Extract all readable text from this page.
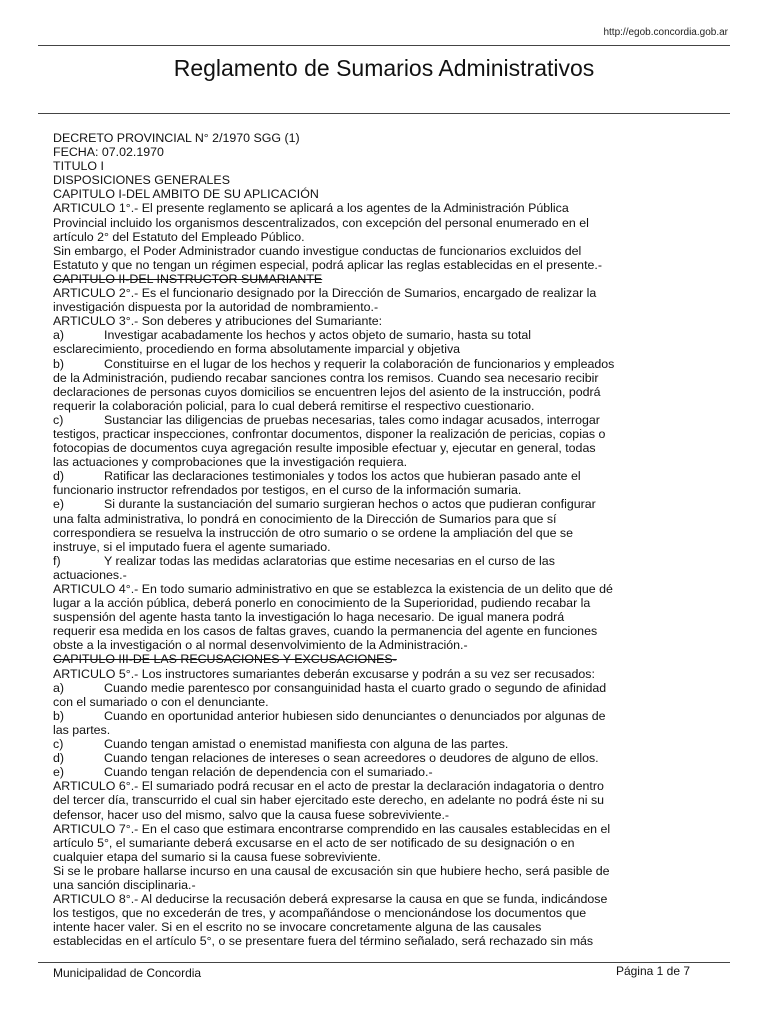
http://egob.concordia.gob.ar
Reglamento de Sumarios Administrativos
DECRETO PROVINCIAL N° 2/1970 SGG (1)
FECHA: 07.02.1970
TITULO I
DISPOSICIONES GENERALES
CAPITULO I-DEL AMBITO DE SU APLICACIÓN
ARTICULO 1°.- El presente reglamento se aplicará a los agentes de la Administración Pública
Provincial incluido los organismos descentralizados, con excepción del personal enumerado en el
artículo 2° del Estatuto del Empleado Público.
Sin embargo, el Poder Administrador cuando investigue conductas de funcionarios excluidos del
Estatuto y que no tengan un régimen especial, podrá aplicar las reglas establecidas en el presente.-
CAPITULO II-DEL INSTRUCTOR SUMARIANTE
ARTICULO 2°.- Es el funcionario designado por la Dirección de Sumarios, encargado de realizar la
investigación dispuesta por la autoridad de nombramiento.-
ARTICULO 3°.- Son deberes y atribuciones del Sumariante:
a)	Investigar acabadamente los hechos y actos objeto de sumario, hasta su total
esclarecimiento, procediendo en forma absolutamente imparcial y objetiva
b)	Constituirse en el lugar de los hechos y requerir la colaboración de funcionarios y empleados
de la Administración, pudiendo recabar sanciones contra los remisos. Cuando sea necesario recibir
declaraciones de personas cuyos domicilios se encuentren lejos del asiento de la instrucción, podrá
requerir la colaboración policial, para lo cual deberá remitirse el respectivo cuestionario.
c)	Sustanciar las diligencias de pruebas necesarias, tales como indagar acusados, interrogar
testigos, practicar inspecciones, confrontar documentos, disponer la realización de pericias, copias o
fotocopias de documentos cuya agregación resulte imposible efectuar y, ejecutar en general, todas
las actuaciones y comprobaciones que la investigación requiera.
d)	Ratificar las declaraciones testimoniales y todos los actos que hubieran pasado ante el
funcionario instructor refrendados por testigos, en el curso de la información sumaria.
e)	Si durante la sustanciación del sumario surgieran hechos o actos que pudieran configurar
una falta administrativa, lo pondrá en conocimiento de la Dirección de Sumarios para que sí
correspondiera se resuelva la instrucción de otro sumario o se ordene la ampliación del que se
instruye, si el imputado fuera el agente sumariado.
f)	Y realizar todas las medidas aclaratorias que estime necesarias en el curso de las
actuaciones.-
ARTICULO 4°.- En todo sumario administrativo en que se establezca la existencia de un delito que dé
lugar a la acción pública, deberá ponerlo en conocimiento de la Superioridad, pudiendo recabar la
suspensión del agente hasta tanto la investigación lo haga necesario. De igual manera podrá
requerir esa medida en los casos de faltas graves, cuando la permanencia del agente en funciones
obste a la investigación o al normal desenvolvimiento de la Administración.-
CAPITULO III-DE LAS RECUSACIONES Y EXCUSACIONES-
ARTICULO 5°.- Los instructores sumariantes deberán excusarse y podrán a su vez ser recusados:
a)	Cuando medie parentesco por consanguinidad hasta el cuarto grado o segundo de afinidad
con el sumariado o con el denunciante.
b)	Cuando en oportunidad anterior hubiesen sido denunciantes o denunciados por algunas de
las partes.
c)	Cuando tengan amistad o enemistad manifiesta con alguna de las partes.
d)	Cuando tengan relaciones de intereses o sean acreedores o deudores de alguno de ellos.
e)	Cuando tengan relación de dependencia con el sumariado.-
ARTICULO 6°.- El sumariado podrá recusar en el acto de prestar la declaración indagatoria o dentro
del tercer día, transcurrido el cual sin haber ejercitado este derecho, en adelante no podrá éste ni su
defensor, hacer uso del mismo, salvo que la causa fuese sobreviviente.-
ARTICULO 7°.- En el caso que estimara encontrarse comprendido en las causales establecidas en el
artículo 5°, el sumariante deberá excusarse en el acto de ser notificado de su designación o en
cualquier etapa del sumario si la causa fuese sobreviviente.
Si se le probare hallarse incurso en una causal de excusación sin que hubiere hecho, será pasible de
una sanción disciplinaria.-
ARTICULO 8°.- Al deducirse la recusación deberá expresarse la causa en que se funda, indicándose
los testigos, que no excederán de tres, y acompañándose o mencionándose los documentos que
intente hacer valer. Si en el escrito no se invocare concretamente alguna de las causales
establecidas en el artículo 5°, o se presentare fuera del término señalado, será rechazado sin más
Municipalidad de Concordia	Página 1 de 7
